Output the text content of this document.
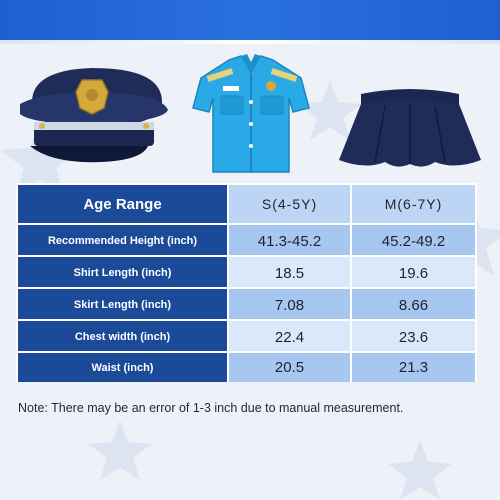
Age Range	S(4-5Y)	M(6-7Y)
Recommended Height (inch)	41.3-45.2	45.2-49.2
Shirt Length (inch)	18.5	19.6
Skirt Length (inch)	7.08	8.66
Chest width (inch)	22.4	23.6
Waist (inch)	20.5	21.3
Note: There may be an error of 1-3 inch due to manual measurement.
